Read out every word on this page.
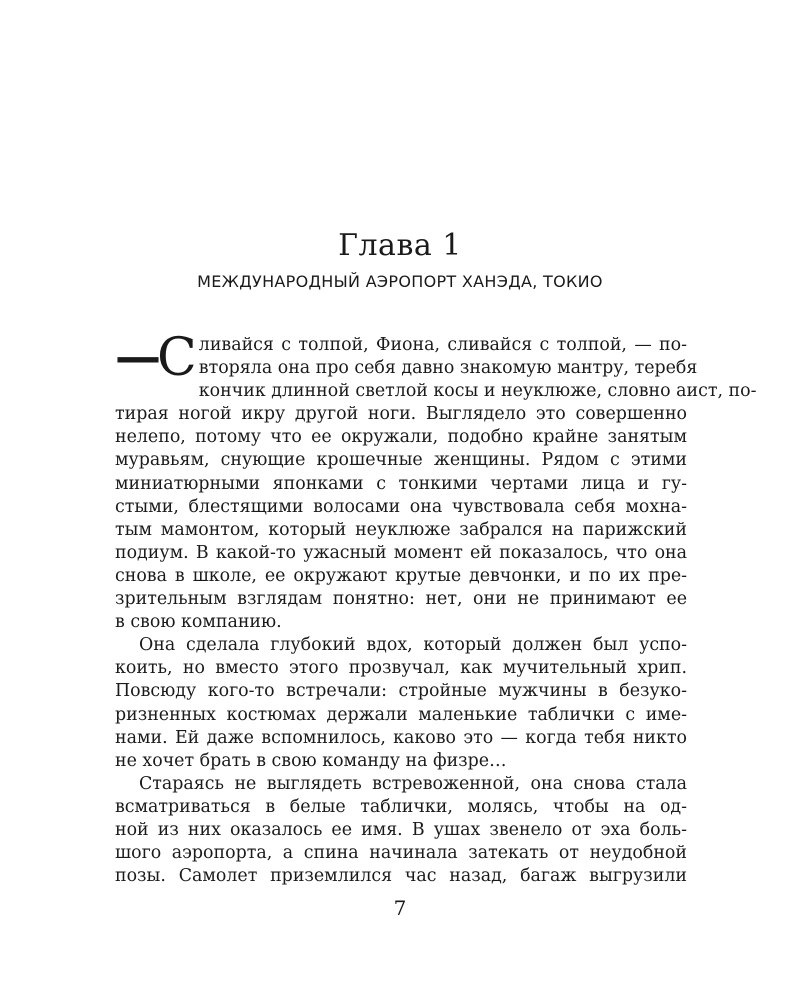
Глава 1
МЕЖДУНАРОДНЫЙ АЭРОПОРТ ХАНЭДА, ТОКИО
—
С ливайся с толпой, Фиона, сливайся с толпой, — по-
вторяла она про себя давно знакомую мантру, теребя
кончик длинной светлой косы и неуклюже, словно аист, по-
тирая ногой икру другой ноги. Выглядело это совершенно
нелепо, потому что ее окружали, подобно крайне занятым
муравьям, снующие крошечные женщины. Рядом с этими
миниатюрными японками с тонкими чертами лица и гу-
стыми, блестящими волосами она чувствовала себя мохна-
тым мамонтом, который неуклюже забрался на парижский
подиум. В какой-то ужасный момент ей показалось, что она
снова в школе, ее окружают крутые девчонки, и по их пре-
зрительным взглядам понятно: нет, они не принимают ее
в свою компанию.
Она сделала глубокий вдох, который должен был успо-
коить, но вместо этого прозвучал, как мучительный хрип.
Повсюду кого-то встречали: стройные мужчины в безуко-
ризненных костюмах держали маленькие таблички с име-
нами. Ей даже вспомнилось, каково это — когда тебя никто
не хочет брать в свою команду на физре…
Стараясь не выглядеть встревоженной, она снова стала
всматриваться в белые таблички, молясь, чтобы на од-
ной из них оказалось ее имя. В ушах звенело от эха боль-
шого аэропорта, а спина начинала затекать от неудобной
позы. Самолет приземлился час назад, багаж выгрузили
7
